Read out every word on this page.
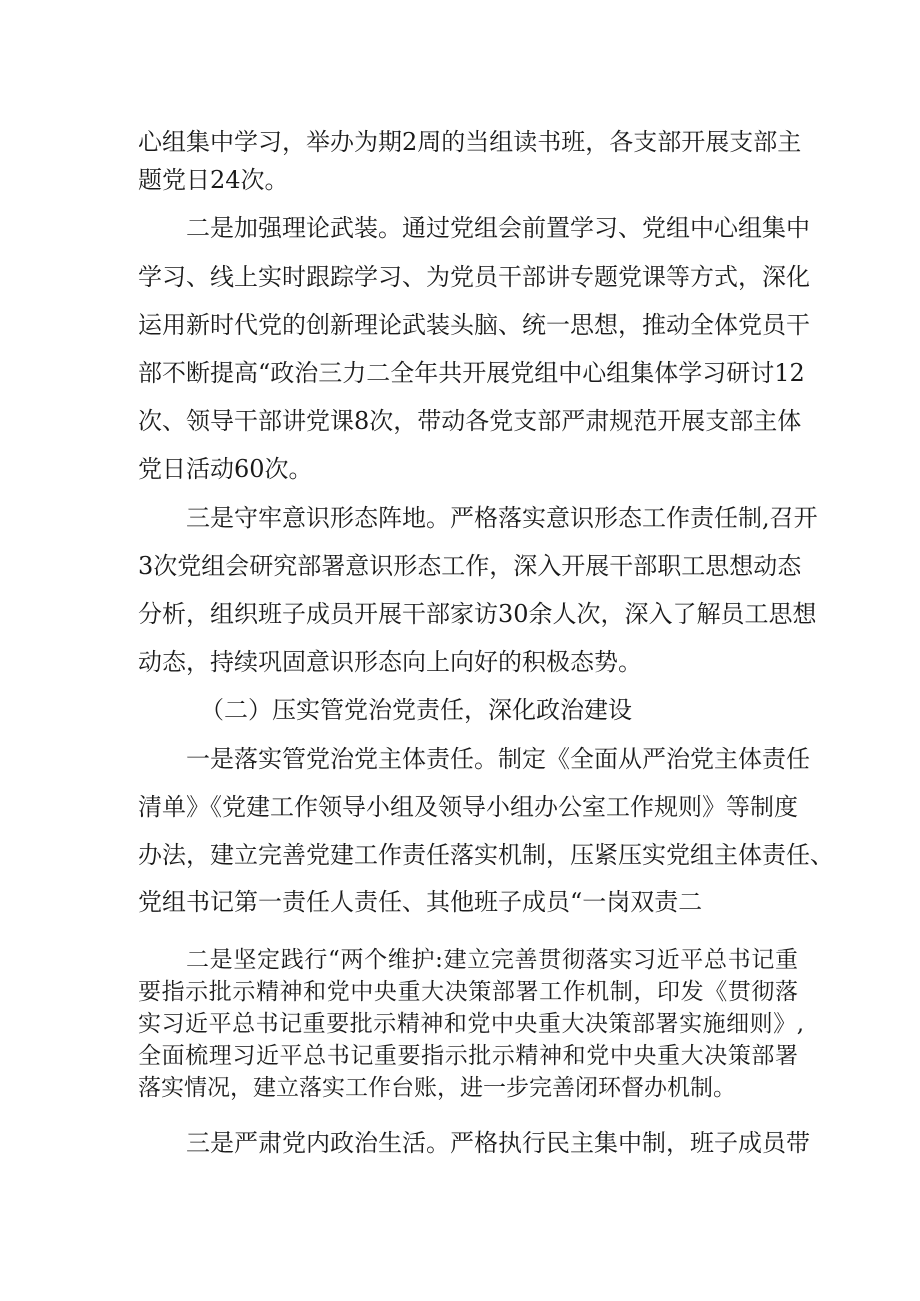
心组集中学习，举办为期2周的当组读书班，各支部开展支部主

题党日24次。

二是加强理论武装。通过党组会前置学习、党组中心组集中

学习、线上实时跟踪学习、为党员干部讲专题党课等方式，深化

运用新时代党的创新理论武装头脑、统一思想，推动全体党员干

部不断提高“政治三力二全年共开展党组中心组集体学习研讨12

次、领导干部讲党课8次，带动各党支部严肃规范开展支部主体

党日活动60次。

三是守牢意识形态阵地。严格落实意识形态工作责任制,召开

3次党组会研究部署意识形态工作，深入开展干部职工思想动态

分析，组织班子成员开展干部家访30余人次，深入了解员工思想

动态，持续巩固意识形态向上向好的积极态势。

（二）压实管党治党责任，深化政治建设

一是落实管党治党主体责任。制定《全面从严治党主体责任

清单》《党建工作领导小组及领导小组办公室工作规则》等制度

办法，建立完善党建工作责任落实机制，压紧压实党组主体责任、

党组书记第一责任人责任、其他班子成员“一岗双责二

二是坚定践行“两个维护:建立完善贯彻落实习近平总书记重

要指示批示精神和党中央重大决策部署工作机制，印发《贯彻落

实习近平总书记重要批示精神和党中央重大决策部署实施细则》,

全面梳理习近平总书记重要指示批示精神和党中央重大决策部署

落实情况，建立落实工作台账，进一步完善闭环督办机制。

三是严肃党内政治生活。严格执行民主集中制，班子成员带
